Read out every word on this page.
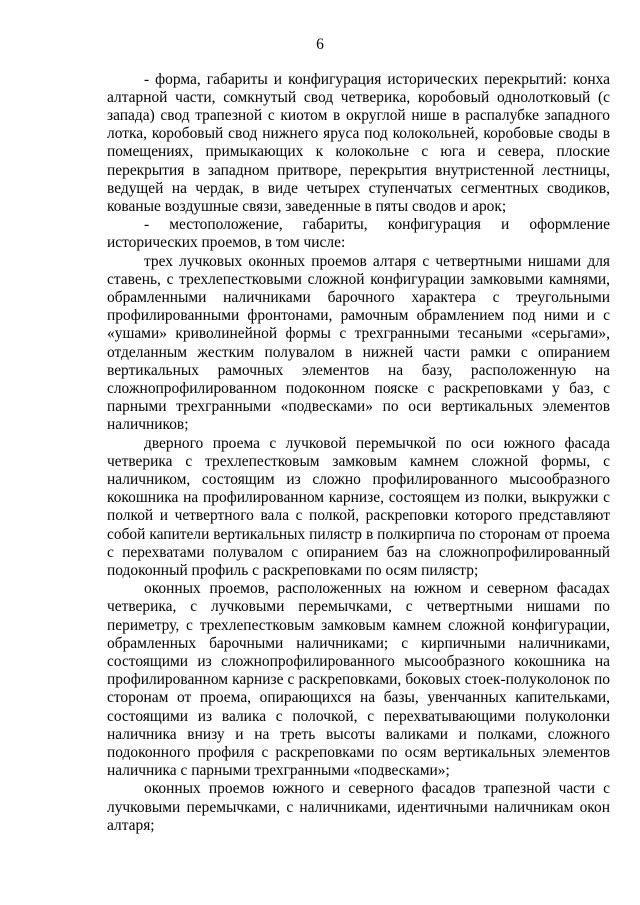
6

- форма, габариты и конфигурация исторических перекрытий: конха алтарной части, сомкнутый свод четверика, коробовый однолотковый (с запада) свод трапезной с киотом в округлой нише в распалубке западного лотка, коробовый свод нижнего яруса под колокольней, коробовые своды в помещениях, примыкающих к колокольне с юга и севера, плоские перекрытия в западном притворе, перекрытия внутристенной лестницы, ведущей на чердак, в виде четырех ступенчатых сегментных сводиков, кованые воздушные связи, заведенные в пяты сводов и арок;

- местоположение, габариты, конфигурация и оформление исторических проемов, в том числе:

трех лучковых оконных проемов алтаря с четвертными нишами для ставень, с трехлепестковыми сложной конфигурации замковыми камнями, обрамленными наличниками барочного характера с треугольными профилированными фронтонами, рамочным обрамлением под ними и с «ушами» криволинейной формы с трехгранными тесаными «серьгами», отделанным жестким полувалом в нижней части рамки с опиранием вертикальных рамочных элементов на базу, расположенную на сложнопрофилированном подоконном пояске с раскреповками у баз, с парными трехгранными «подвесками» по оси вертикальных элементов наличников;

дверного проема с лучковой перемычкой по оси южного фасада четверика с трехлепестковым замковым камнем сложной формы, с наличником, состоящим из сложно профилированного мысообразного кокошника на профилированном карнизе, состоящем из полки, выкружки с полкой и четвертного вала с полкой, раскреповки которого представляют собой капители вертикальных пилястр в полкирпича по сторонам от проема с перехватами полувалом с опиранием баз на сложнопрофилированный подоконный профиль с раскреповками по осям пилястр;

оконных проемов, расположенных на южном и северном фасадах четверика, с лучковыми перемычками, с четвертными нишами по периметру, с трехлепестковым замковым камнем сложной конфигурации, обрамленных барочными наличниками; с кирпичными наличниками, состоящими из сложнопрофилированного мысообразного кокошника на профилированном карнизе с раскреповками, боковых стоек-полуколонок по сторонам от проема, опирающихся на базы, увенчанных капительками, состоящими из валика с полочкой, с перехватывающими полуколонки наличника внизу и на треть высоты валиками и полками, сложного подоконного профиля с раскреповками по осям вертикальных элементов наличника с парными трехгранными «подвесками»;

оконных проемов южного и северного фасадов трапезной части с лучковыми перемычками, с наличниками, идентичными наличникам окон алтаря;
